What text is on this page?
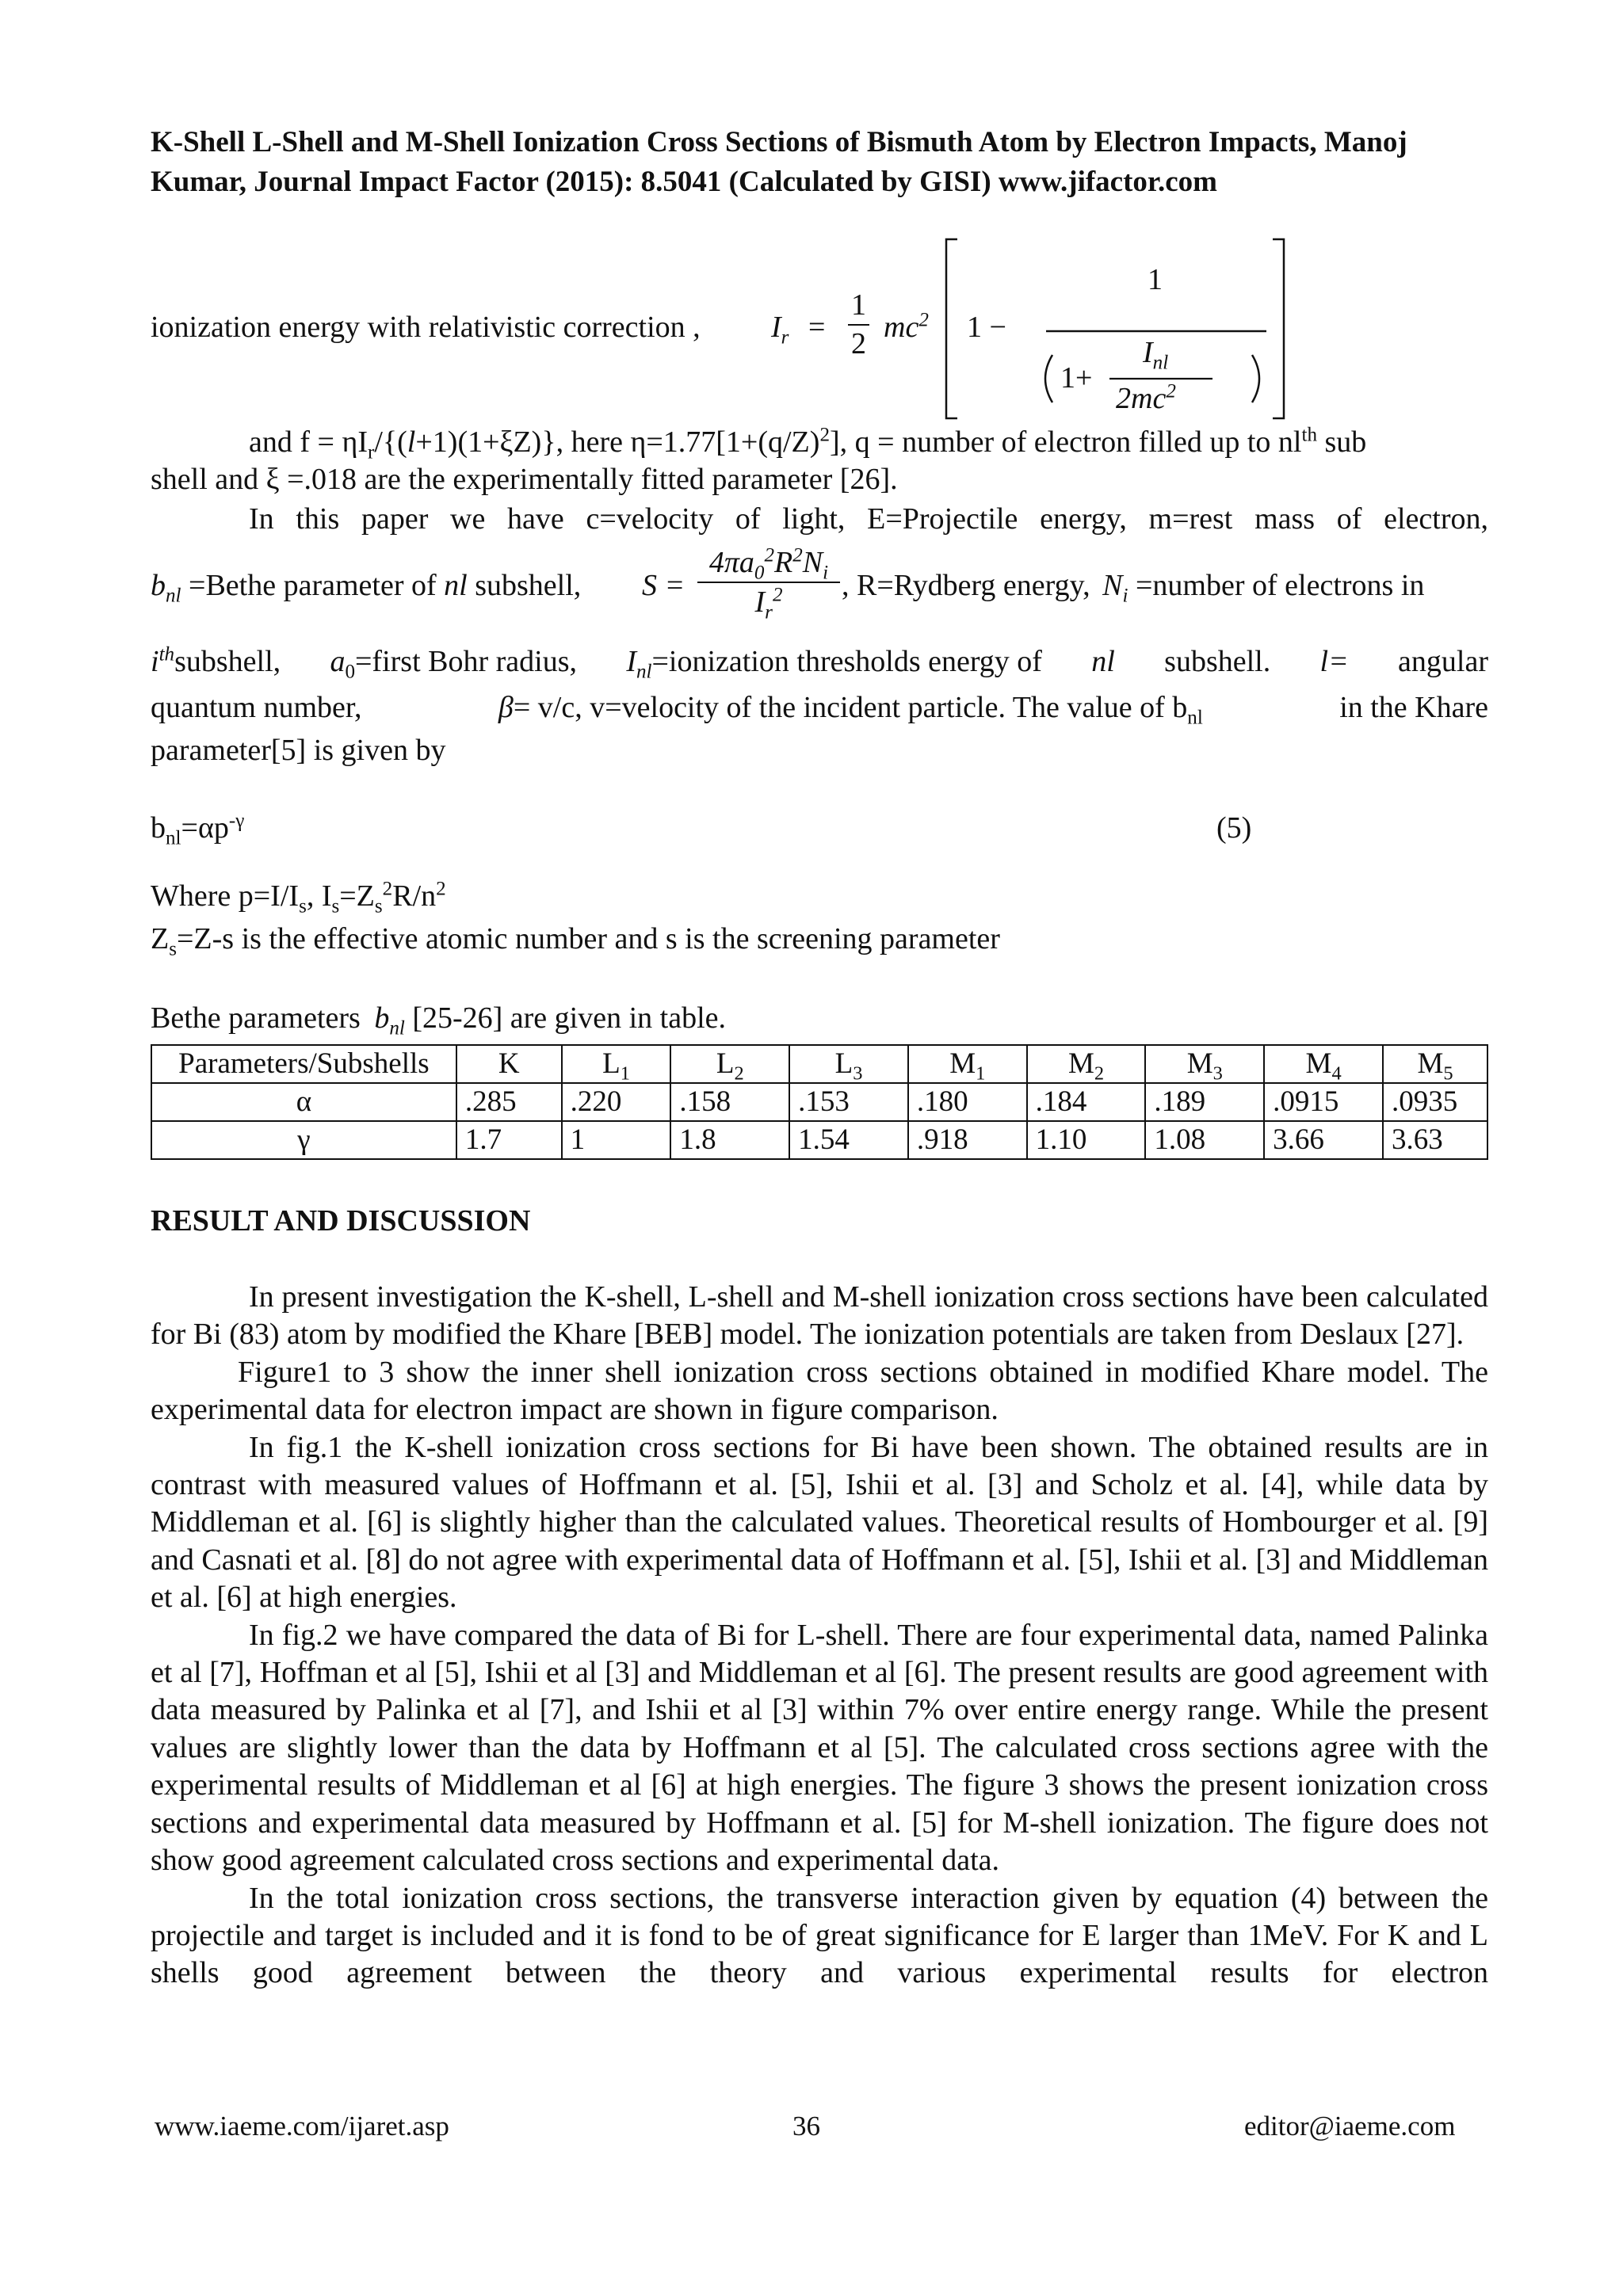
K-Shell L-Shell and M-Shell Ionization Cross Sections of Bismuth Atom by Electron Impacts, Manoj
Kumar, Journal Impact Factor (2015): 8.5041 (Calculated by GISI) www.jifactor.com
ionization energy with relativistic correction , $I_r = \frac{1}{2} mc^2$ 1 −
1
1+
$I_{nl}$
$2mc^2$
and $f = \eta I_r/\{(l+1)(1+\xi Z)\}$, here $\eta=1.77[1+(q/Z)^2]$, q = number of electron filled up to $nl^{th}$ sub
shell and ξ =.018 are the experimentally fitted parameter [26].
In this paper we have c=velocity of light, E=Projectile energy, m=rest mass of electron,
$b_{nl}$ =Bethe parameter of nl subshell, S =
$4\pi a_0^2R^2N_i$
$I_r^2$	, R=Rydberg energy, $N_i$ =number of electrons in
$i^{th}subshell$, $a_0=first$ Bohr radius, $I_{nl}=ionization$ thresholds energy of nl subshell. l= angular
quantum number,	β= v/c, v=velocity of the incident particle. The value of $b_{nl}$	in the Khare
parameter[5] is given by
$b_{nl}=\alpha p^{-\gamma}$	(5)
Where $p=I/I_s$, $I_s=Z_s^2R/n^2$
$Z_s=Z-s$ is the effective atomic number and s is the screening parameter
Bethe parameters $b_{nl}$ [25-26] are given in table.
Parameters/Subshells	K	$L_1$	$L_2$	$L_3$	$M_1$	$M_2$	$M_3$	$M_4$	$M_5$
α	.285	.220	.158	.153	.180	.184	.189	.0915	.0935
γ	1.7	1	1.8	1.54	.918	1.10	1.08	3.66	3.63
RESULT AND DISCUSSION
In present investigation the K-shell, L-shell and M-shell ionization cross sections have been calculated for Bi (83) atom by modified the Khare [BEB] model. The ionization potentials are taken from Deslaux [27].
Figure1 to 3 show the inner shell ionization cross sections obtained in modified Khare model. The experimental data for electron impact are shown in figure comparison.
In fig.1 the K-shell ionization cross sections for Bi have been shown. The obtained results are in contrast with measured values of Hoffmann et al. [5], Ishii et al. [3] and Scholz et al. [4], while data by Middleman et al. [6] is slightly higher than the calculated values. Theoretical results of Hombourger et al. [9] and Casnati et al. [8] do not agree with experimental data of Hoffmann et al. [5], Ishii et al. [3] and Middleman et al. [6] at high energies.
In fig.2 we have compared the data of Bi for L-shell. There are four experimental data, named Palinka et al [7], Hoffman et al [5], Ishii et al [3] and Middleman et al [6]. The present results are good agreement with data measured by Palinka et al [7], and Ishii et al [3] within 7% over entire energy range. While the present values are slightly lower than the data by Hoffmann et al [5]. The calculated cross sections agree with the experimental results of Middleman et al [6] at high energies. The figure 3 shows the present ionization cross sections and experimental data measured by Hoffmann et al. [5] for M-shell ionization. The figure does not show good agreement calculated cross sections and experimental data.
In the total ionization cross sections, the transverse interaction given by equation (4) between the projectile and target is included and it is fond to be of great significance for E larger than 1MeV. For K and L shells good agreement between the theory and various experimental results for electron
www.iaeme.com/ijaret.asp	36	editor@iaeme.com
